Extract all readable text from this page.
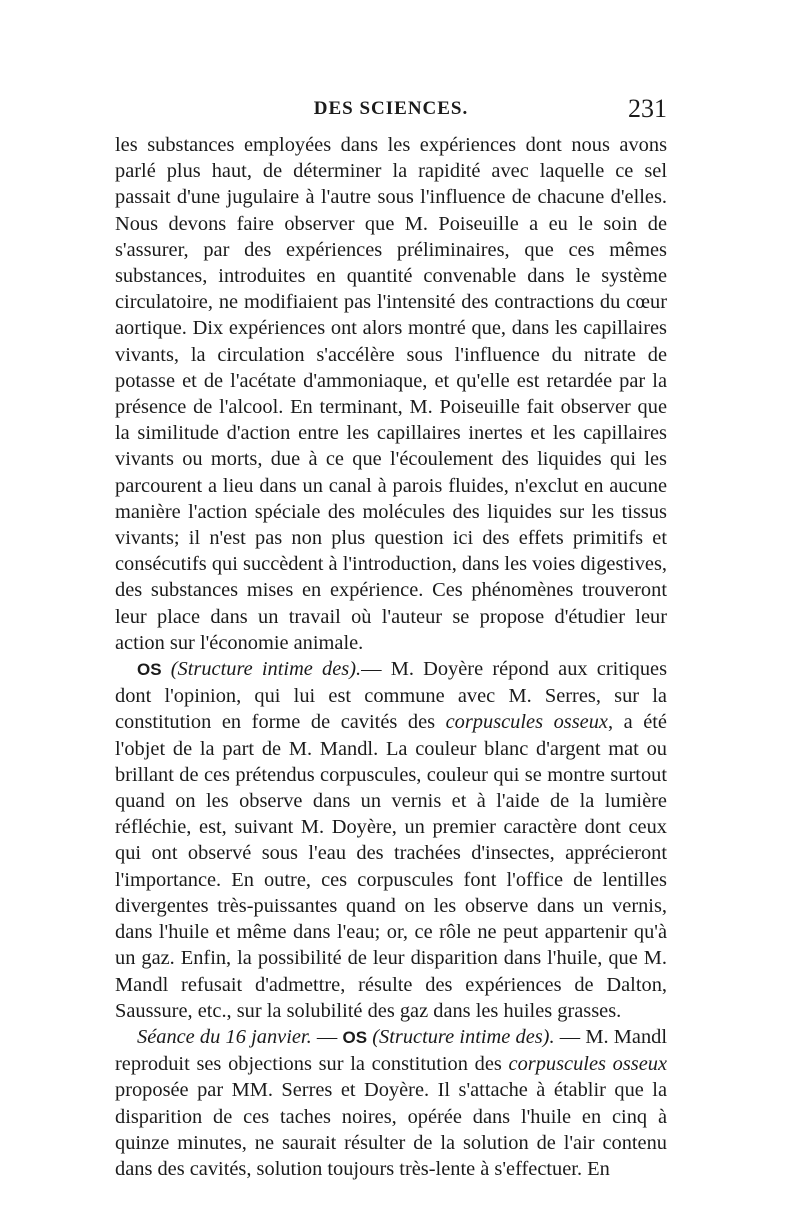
DES SCIENCES.	231

les substances employées dans les expériences dont nous avons parlé plus haut, de déterminer la rapidité avec laquelle ce sel passait d'une jugulaire à l'autre sous l'influence de chacune d'elles. Nous devons faire observer que M. Poiseuille a eu le soin de s'assurer, par des expériences préliminaires, que ces mêmes substances, introduites en quantité convenable dans le système circulatoire, ne modifiaient pas l'intensité des contractions du cœur aortique. Dix expériences ont alors montré que, dans les capillaires vivants, la circulation s'accélère sous l'influence du nitrate de potasse et de l'acétate d'ammoniaque, et qu'elle est retardée par la présence de l'alcool. En terminant, M. Poiseuille fait observer que la similitude d'action entre les capillaires inertes et les capillaires vivants ou morts, due à ce que l'écoulement des liquides qui les parcourent a lieu dans un canal à parois fluides, n'exclut en aucune manière l'action spéciale des molécules des liquides sur les tissus vivants; il n'est pas non plus question ici des effets primitifs et consécutifs qui succèdent à l'introduction, dans les voies digestives, des substances mises en expérience. Ces phénomènes trouveront leur place dans un travail où l'auteur se propose d'étudier leur action sur l'économie animale.

OS (Structure intime des).— M. Doyère répond aux critiques dont l'opinion, qui lui est commune avec M. Serres, sur la constitution en forme de cavités des corpuscules osseux, a été l'objet de la part de M. Mandl. La couleur blanc d'argent mat ou brillant de ces prétendus corpuscules, couleur qui se montre surtout quand on les observe dans un vernis et à l'aide de la lumière réfléchie, est, suivant M. Doyère, un premier caractère dont ceux qui ont observé sous l'eau des trachées d'insectes, apprécieront l'importance. En outre, ces corpuscules font l'office de lentilles divergentes très-puissantes quand on les observe dans un vernis, dans l'huile et même dans l'eau; or, ce rôle ne peut appartenir qu'à un gaz. Enfin, la possibilité de leur disparition dans l'huile, que M. Mandl refusait d'admettre, résulte des expériences de Dalton, Saussure, etc., sur la solubilité des gaz dans les huiles grasses.

Séance du 16 janvier. — OS (Structure intime des). — M. Mandl reproduit ses objections sur la constitution des corpuscules osseux proposée par MM. Serres et Doyère. Il s'attache à établir que la disparition de ces taches noires, opérée dans l'huile en cinq à quinze minutes, ne saurait résulter de la solution de l'air contenu dans des cavités, solution toujours très-lente à s'effectuer. En
